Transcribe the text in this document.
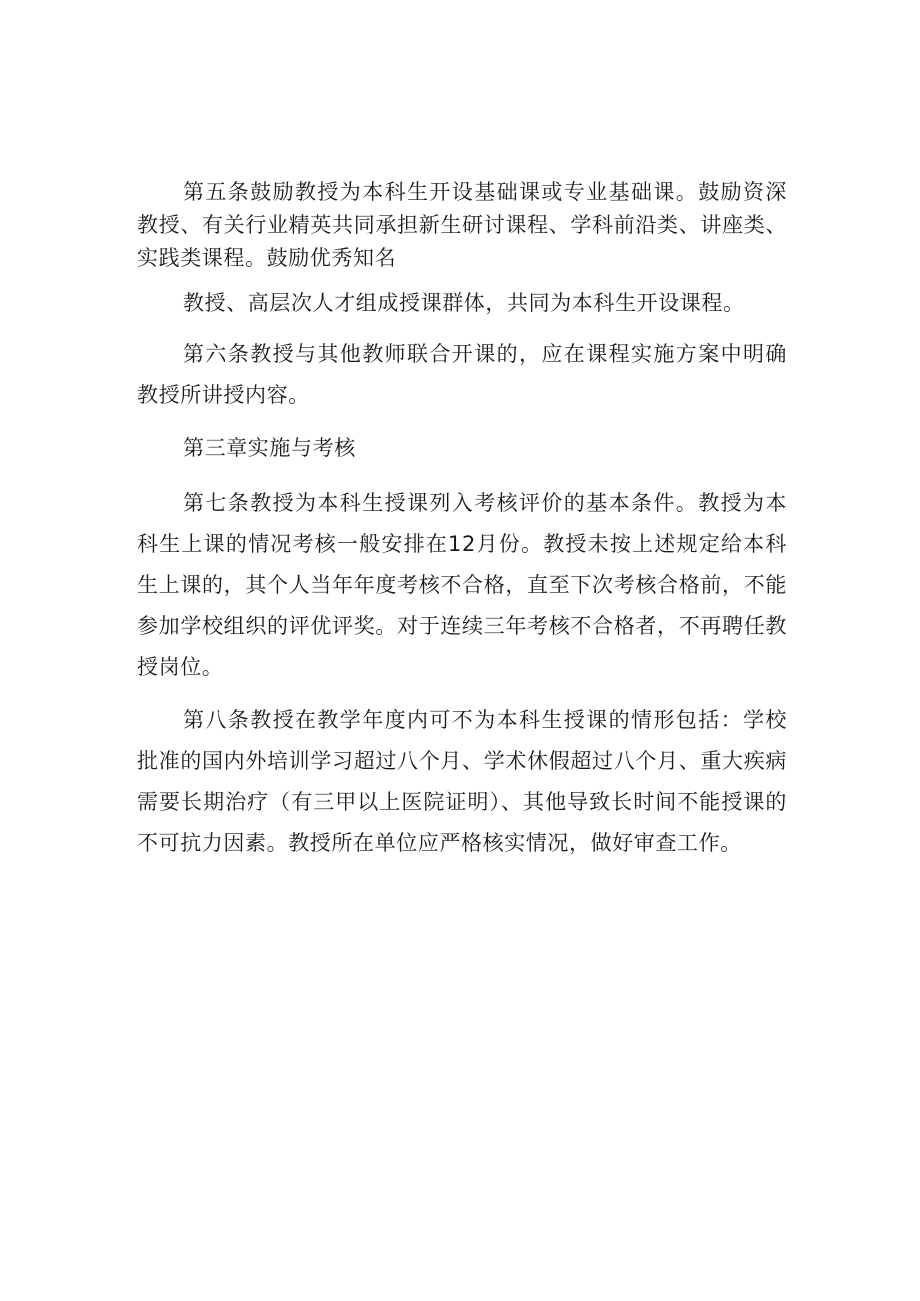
第五条鼓励教授为本科生开设基础课或专业基础课。鼓励资深教授、有关行业精英共同承担新生研讨课程、学科前沿类、讲座类、实践类课程。鼓励优秀知名

教授、高层次人才组成授课群体，共同为本科生开设课程。

第六条教授与其他教师联合开课的，应在课程实施方案中明确教授所讲授内容。

第三章实施与考核

第七条教授为本科生授课列入考核评价的基本条件。教授为本科生上课的情况考核一般安排在12月份。教授未按上述规定给本科生上课的，其个人当年年度考核不合格，直至下次考核合格前，不能参加学校组织的评优评奖。对于连续三年考核不合格者，不再聘任教授岗位。

第八条教授在教学年度内可不为本科生授课的情形包括：学校批准的国内外培训学习超过八个月、学术休假超过八个月、重大疾病需要长期治疗（有三甲以上医院证明）、其他导致长时间不能授课的不可抗力因素。教授所在单位应严格核实情况，做好审查工作。
